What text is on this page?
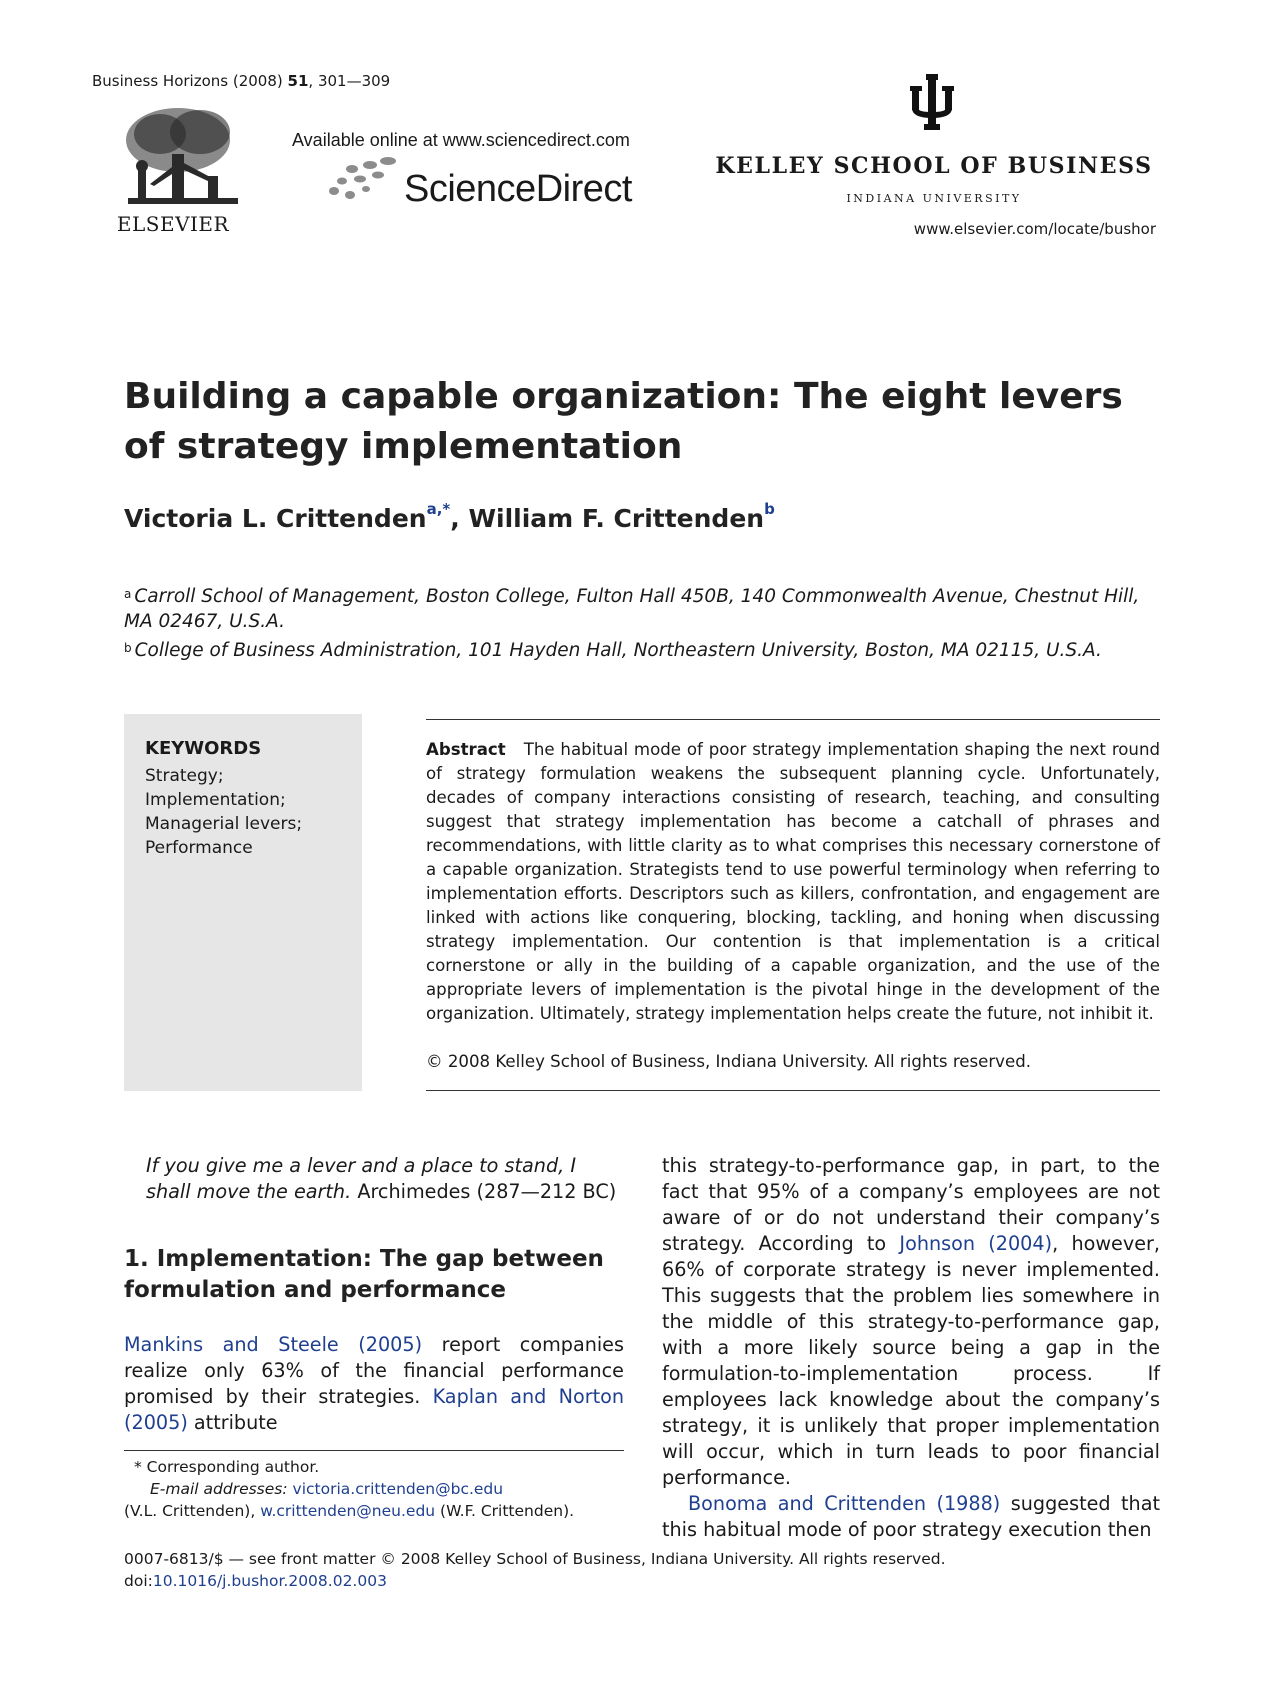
Business Horizons (2008) 51, 301—309
ELSEVIER
Available online at www.sciencedirect.com
ScienceDirect
KELLEY SCHOOL OF BUSINESS
INDIANA UNIVERSITY
www.elsevier.com/locate/bushor
Building a capable organization: The eight levers of strategy implementation
Victoria L. Crittenden$^{a,*}$, William F. Crittenden$^b$
$^a$ Carroll School of Management, Boston College, Fulton Hall 450B, 140 Commonwealth Avenue, Chestnut Hill, MA 02467, U.S.A.
$^b$ College of Business Administration, 101 Hayden Hall, Northeastern University, Boston, MA 02115, U.S.A.
KEYWORDS
Strategy;
Implementation;
Managerial levers;
Performance
Abstract The habitual mode of poor strategy implementation shaping the next round of strategy formulation weakens the subsequent planning cycle. Unfortunately, decades of company interactions consisting of research, teaching, and consulting suggest that strategy implementation has become a catchall of phrases and recommendations, with little clarity as to what comprises this necessary cornerstone of a capable organization. Strategists tend to use powerful terminology when referring to implementation efforts. Descriptors such as killers, confrontation, and engagement are linked with actions like conquering, blocking, tackling, and honing when discussing strategy implementation. Our contention is that implementation is a critical cornerstone or ally in the building of a capable organization, and the use of the appropriate levers of implementation is the pivotal hinge in the development of the organization. Ultimately, strategy implementation helps create the future, not inhibit it.
© 2008 Kelley School of Business, Indiana University. All rights reserved.
If you give me a lever and a place to stand, I shall move the earth. Archimedes (287—212 BC)
1. Implementation: The gap between formulation and performance
Mankins and Steele (2005) report companies realize only 63% of the financial performance promised by their strategies. Kaplan and Norton (2005) attribute
this strategy-to-performance gap, in part, to the fact that 95% of a company’s employees are not aware of or do not understand their company’s strategy. According to Johnson (2004), however, 66% of corporate strategy is never implemented. This suggests that the problem lies somewhere in the middle of this strategy-to-performance gap, with a more likely source being a gap in the formulation-to-implementation process. If employees lack knowledge about the company’s strategy, it is unlikely that proper implementation will occur, which in turn leads to poor financial performance.
Bonoma and Crittenden (1988) suggested that this habitual mode of poor strategy execution then
* Corresponding author.
E-mail addresses: victoria.crittenden@bc.edu
(V.L. Crittenden), w.crittenden@neu.edu (W.F. Crittenden).
0007-6813/$ — see front matter © 2008 Kelley School of Business, Indiana University. All rights reserved.
doi:10.1016/j.bushor.2008.02.003
